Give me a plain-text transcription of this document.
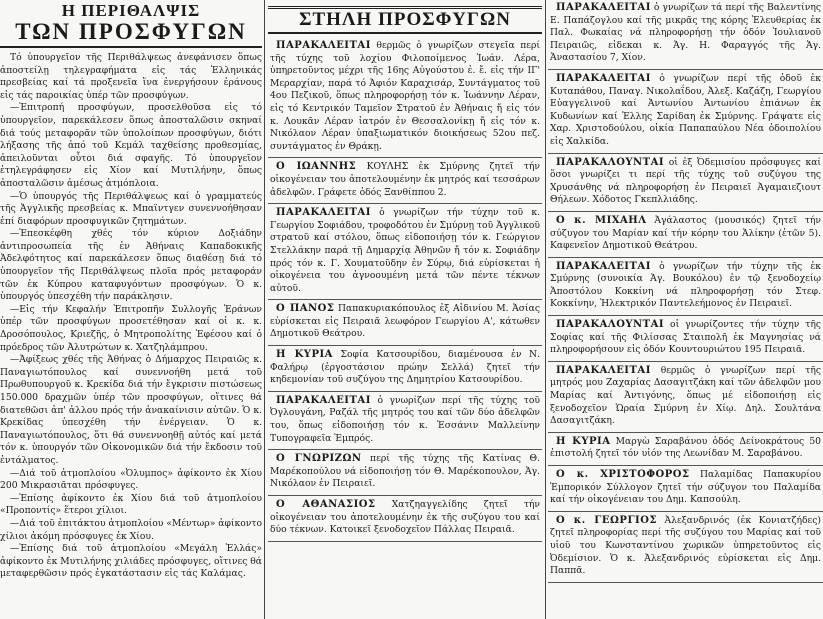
Η ΠΕΡΙΘΑΛΨΙΣ
ΤΩΝ ΠΡΟΣΦΥΓΩΝ

Τό ὑπουργεῖον τῆς Περιθάλψεως ἀνεφάνισεν ὅπως ἀποστείλῃ τηλεγραφήματα εἰς τάς Ἑλληνικάς πρεσβείας καί τά προξενεῖα ἵνα ἐνεργήσουν ἐράνους εἰς τάς παροικίας ὑπέρ τῶν προσφύγων.

—Ἐπιτροπή προσφύγων, προσελθοῦσα εἰς τό ὑπουργεῖον, παρεκάλεσεν ὅπως ἀποσταλῶσιν σκηναί διά τούς μεταφορᾶν τῶν ὑπολοίπων προσφύγων, διότι λήξασης τῆς ἀπό τοῦ Κεμάλ ταχθείσης προθεσμίας, ἀπειλοῦνται οὗτοι διά σφαγῆς. Τό ὑπουργεῖον ἐτηλεγράφησεν εἰς Χίον καί Μυτιλήνην, ὅπως ἀποσταλῶσιν ἀμέσως ἀτμόπλοια.

—Ὁ ὑπουργός τῆς Περιθάλψεως καί ὁ γραμματεύς τῆς Ἀγγλικῆς πρεσβείας κ. Μπαϊντγεν συνεννοήθησαν ἐπί διαφόρων προσφυγικῶν ζητημάτων.

—Ἐπεσκέφθη χθές τόν κύριον Δοξιάδην ἀντιπροσωπεία τῆς ἐν Ἀθήναις Καπαδοκικῆς Ἀδελφότητος καί παρεκάλεσεν ὅπως διαθέσῃ διά τό ὑπουργεῖον τῆς Περιθάλψεως πλοῖα πρός μεταφοράν τῶν ἐκ Κύπρου καταφυγόντων προσφύγων. Ὁ κ. ὑπουργός ὑπεσχέθη τήν παράκλησιν.

—Εἰς τήν Κεφαλήν Ἐπιτροπῆν Συλλογῆς Ἐράνων ὑπέρ τῶν προσφύγων προσετέθησαν καί οἱ κ. κ. Δροσόπουλος, Κριεζῆς, ὁ Μητροπολίτης Ἐφέσου καί ὁ πρόεδρος τῶν Ἀλυτρώτων κ. Χατζηλάμπρου.

—Ἀφίξεως χθές τῆς Ἀθήνας ὁ Δήμαρχος Πειραιῶς κ. Παναγιωτόπουλος καί συνεννοήθη μετά τοῦ Πρωθυπουργοῦ κ. Κρεκίδα διά τήν ἔγκρισιν πιστώσεως 150.000 δραχμῶν ὑπέρ τῶν προσφύγων, οἵτινες θά διατεθῶσι ἀπ' ἀλλου πρός τήν ἀνακαίνισιν αὐτῶν. Ὁ κ. Κρεκίδας ὑπεσχέθη τήν ἐνέργειαν. Ὁ κ. Παναγιωτόπουλος, ὅτι θά συνεννοηθῇ αὐτός καί μετά τόν κ. ὑπουργόν τῶν Οἰκονομικῶν διά τήν ἔκδοσιν τοῦ ἐντάλματος.

—Διά τοῦ ἀτμοπλοίου «Ὀλυμπος» ἀφίκοντο ἐκ Χίου 200 Μικρασιᾶται πρόσφυγες.

—Ἐπίσης ἀφίκοντο ἐκ Χίου διά τοῦ ἀτμοπλοίου «Προποντίς» ἕτεροι χίλιοι.

—Διά τοῦ ἐπιτάκτου ἀτμοπλοίου «Μέντωρ» ἀφίκοντο χίλιοι ἀκόμη πρόσφυγες ἐκ Χίου.

—Ἐπίσης διά τοῦ ἀτμοπλοίου «Μεγάλη Ἑλλάς» ἀφίκοντο ἐκ Μυτιλήνης χιλιάδες πρόσφυγες, οἵτινες θά μεταφερθῶσιν πρός ἐγκατάστασιν εἰς τάς Καλάμας.

ΣΤΗΛΗ ΠΡΟΣΦΥΓΩΝ

ΠΑΡΑΚΑΛΕΙΤΑΙ θερμῶς ὁ γνωρίζων στεγεῖα περί τῆς τύχης τοῦ λοχίου Φιλοποίμενος Ἰωάν. Λέρα, ὑπηρετοῦντος μέχρι τῆς 16ης Αὐγούστου ἐ. ἔ. εἰς τήν ΙΓ' Μεραρχίαν, παρά τό Ἀφιόν Καραχισάρ, Συντάγματος τοῦ 4ου Πεζικοῦ, ὅπως πληροφορήσῃ τόν κ. Ἰωάννην Λέραν, εἰς τό Κεντρικόν Ταμεῖον Στρατοῦ ἐν Ἀθήναις ἤ εἰς τόν κ. Λουκᾶν Λέραν ἰατρόν ἐν Θεσσαλονίκῃ ἤ εἰς τόν κ. Νικόλαον Λέραν ὑπαξιωματικόν διοικήσεως 52ου πεζ. συντάγματος ἐν Θράκῃ.

Ο ΙΩΑΝΝΗΣ ΚΟΥΛΗΣ ἐκ Σμύρνης ζητεῖ τήν οἰκογένειαν του ἀποτελουμένην ἐκ μητρός καί τεσσάρων ἀδελφῶν. Γράφετε ὁδός Ξανθίππου 2.

ΠΑΡΑΚΑΛΕΙΤΑΙ ὁ γνωρίζων τήν τύχην τοῦ κ. Γεωργίου Σοφιάδου, τροφοδότου ἐν Σμύρνῃ τοῦ Ἀγγλικοῦ στρατοῦ καί στόλου, ὅπως εἰδοποιήσῃ τόν κ. Γεώργιον Στελλάκην παρά τῇ Δημαρχίᾳ Ἀθηνῶν ἤ τόν κ. Σοφιάδην πρός τόν κ. Γ. Χουματοῦδην ἐν Σύρῳ, διά εὑρίσκεται ἡ οἰκογένεια του ἀγνοουμένη μετά τῶν πέντε τέκνων αὐτοῦ.

Ο ΠΑΝΟΣ Παπακυριακόπουλος ἐξ Αἰδινίου Μ. Ἀσίας εὑρίσκεται εἰς Πειραιᾶ λεωφόρον Γεωργίου Α', κάτωθεν Δημοτικοῦ Θεάτρου.

Η ΚΥΡΙΑ Σοφία Κατσουρίδου, διαμένουσα ἐν Ν. Φαλήρῳ (ἐργοστάσιον πρώην Σελλά) ζητεῖ τήν κηδεμονίαν τοῦ συζύγου της Δημητρίου Κατσουρίδου.

ΠΑΡΑΚΑΛΕΙΤΑΙ ὁ γνωρίζων περί τῆς τύχης τοῦ Ὀγλουγάνη, Ραζάλ τῆς μητρός του καί τῶν δύο ἀδελφῶν του, ὅπως εἰδοποιήσῃ τόν κ. Ἑσσάνιν Μαλλείνην Τυπογραφεῖα Ἐμπρός.

Ο ΓΝΩΡΙΖΩΝ περί τῆς τύχης τῆς Κατίνας Θ. Μαρέκοπούλου νά εἰδοποιήσῃ τόν Θ. Μαρέκοπουλον, Ἀγ. Νικόλαον ἐν Πειραιεῖ.

Ο ΑΘΑΝΑΣΙΟΣ Χατζηαγγελίδης ζητεῖ τήν οἰκογένειαν του ἀποτελουμένην ἐκ τῆς συζύγου του καί δύο τέκνων. Κατοικεῖ ξενοδοχεῖον Πάλλας Πειραιᾶ.

ΠΑΡΑΚΑΛΕΙΤΑΙ ὁ γνωρίζων τά περί τῆς Βαλεντίνης Ε. Παπάζογλου καί τῆς μικρᾶς της κόρης Ἐλευθερίας ἐκ Παλ. Φωκαίας νά πληροφορήσῃ τήν ὁδόν Ἰουλιανοῦ Πειραιῶς, εἰδεκαι κ. Ἀγ. Η. Φαραγγός τῆς Ἁγ. Ἀναστασίου 7, Χίον.

ΠΑΡΑΚΑΛΕΙΤΑΙ ὁ γνωρίζων περί τῆς ὁδοῦ ἐκ Κυταπάθου, Παναγ. Νικολαΐδου, Ἀλεξ. Καζάζη, Γεωργίου Εὐαγγελινοῦ καί Ἀντωνίου Ἀντωνίου ἐπιάνων ἐκ Κυδωνίων καί Ἑλλης Σαρίδαη ἐκ Σμύρνης. Γράψατε εἰς Χαρ. Χριστοδούλου, οἰκία Παπαπαύλου Νέα ὁδοιπολίου εἰς Χαλκίδα.

ΠΑΡΑΚΑΛΟΥΝΤΑΙ οἱ ἐξ Ὀδεμισίου πρόσφυγες καί ὅσοι γνωρίζει τι περί τῆς τύχης τοῦ συζύγου της Χρυσάνθης νά πληροφορήσῃ ἐν Πειραιεῖ Ἀγαμαιεζιουτ Θήλεων. Χόδοτος Γκεπλλιάδης.

Ο κ. ΜΙΧΑΗΛ Ἀγάλαστος (μουσικός) ζητεῖ τήν σύζυγον του Μαρίαν καί τήν κόρην του Ἀλίκην (ἐτῶν 5). Καφενεῖον Δημοτικοῦ Θεάτρου.

ΠΑΡΑΚΑΛΕΙΤΑΙ ὁ γνωρίζων τήν τύχην τῆς ἐκ Σμύρνης (συνοικία Ἀγ. Βουκόλου) ἐν τῷ ξενοδοχείῳ Ἀποστόλου Κοκκίνη νά πληροφορήσῃ τόν Στεφ. Κοκκίνην, Ἠλεκτρικόν Παντελεήμονος ἐν Πειραιεῖ.

ΠΑΡΑΚΑΛΟΥΝΤΑΙ οἱ γνωρίζοντες τήν τύχην τῆς Σοφίας καί τῆς Φιλίσσας Σταιπολῆ ἐκ Μαγνησίας νά πληροφορήσουν εἰς ὁδόν Κουντουριώτου 195 Πειραιᾶ.

ΠΑΡΑΚΑΛΕΙΤΑΙ θερμῶς ὁ γνωρίζων περί τῆς μητρός μου Ζαχαρίας Δασαγιτζάκη καί τῶν ἀδελφῶν μου Μαρίας καί Ἀντιγόνης, ὅπως μέ εἰδοποιήσῃ εἰς ξενοδοχεῖον Ὡραία Σμύρνη ἐν Χίῳ. Δηλ. Σουλτάνα Δασαγιτζάκη.

Η ΚΥΡΙΑ Μαργὼ Σαραβάνου ὁδός Δείνοκράτους 50 ἐπιστολή ζητεῖ τόν υἱόν της Λεωνίδαν Μ. Σαραβάνου.

Ο κ. ΧΡΙΣΤΟΦΟΡΟΣ Παλαμίδας Παπακυρίου Ἐμπορικόν Σύλλογον ζητεῖ τήν σύζυγον του Παλαμίδα καί τήν οἰκογένειαν του Δημ. Καπσούλη.

Ο κ. ΓΕΩΡΓΙΟΣ Ἀλεξανδρινός (ἐκ Κονιατζήδες) ζητεῖ πληροφορίας περί τῆς συζύγου του Μαρίας καί τοῦ υἱοῦ του Κωνσταντίνου χωρικῶν ὑπηρετοῦντος εἰς Ὀδεμίσιον. Ὁ κ. Ἀλεξανδρινός εὑρίσκεται εἰς Δημ. Παππᾶ.
